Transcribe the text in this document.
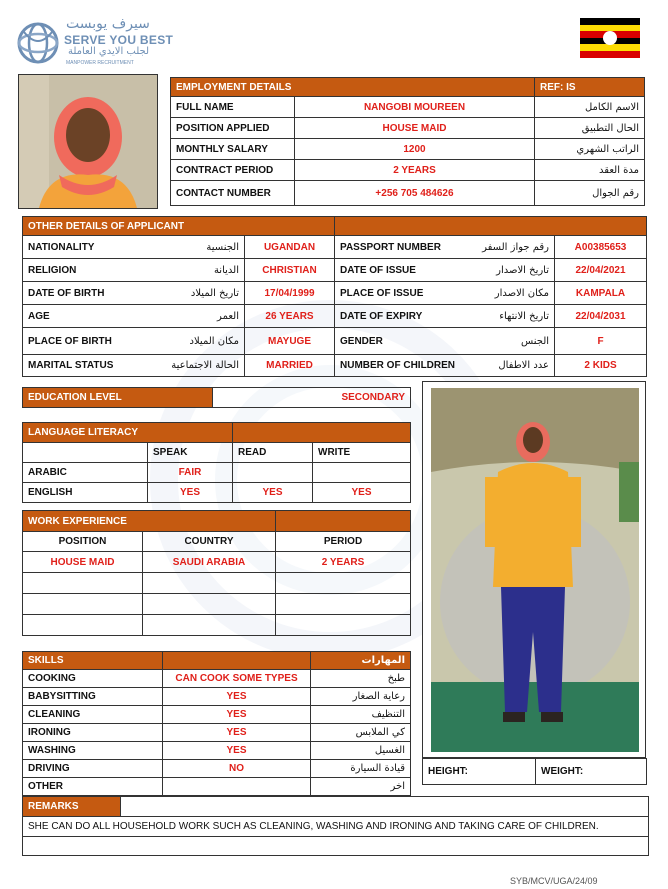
سيرف يوبست
SERVE YOU BEST
لجلب الايدي العاملة
MANPOWER RECRUITMENT
EMPLOYMENT DETAILS		REF: IS
FULL NAME	NANGOBI MOUREEN	الاسم الكامل
POSITION APPLIED	HOUSE MAID	الحال التطبيق
MONTHLY SALARY	1200	الراتب الشهري
CONTRACT PERIOD	2 YEARS	مدة العقد
CONTACT NUMBER	+256 705 484626	رقم الجوال
OTHER DETAILS OF APPLICANT			
NATIONALITY الجنسية	UGANDAN	PASSPORT NUMBER رقم جواز السفر	A00385653
RELIGION الديانة	CHRISTIAN	DATE OF ISSUE تاريخ الاصدار	22/04/2021
DATE OF BIRTH تاريخ الميلاد	17/04/1999	PLACE OF ISSUE مكان الاصدار	KAMPALA
AGE العمر	26 YEARS	DATE OF EXPIRY تاريخ الانتهاء	22/04/2031
PLACE OF BIRTH مكان الميلاد	MAYUGE	GENDER الجنس	F
MARITAL STATUS الحالة الاجتماعية	MARRIED	NUMBER OF CHILDREN عدد الاطفال	2 KIDS
EDUCATION LEVEL	SECONDARY
LANGUAGE LITERACY			
	SPEAK	READ	WRITE
ARABIC	FAIR		
ENGLISH	YES	YES	YES
WORK EXPERIENCE		
POSITION	COUNTRY	PERIOD
HOUSE MAID	SAUDI ARABIA	2 YEARS

SKILLS		المهارات
COOKING	CAN COOK SOME TYPES	طبخ
BABYSITTING	YES	رعاية الصغار
CLEANING	YES	التنظيف
IRONING	YES	كي الملابس
WASHING	YES	الغسيل
DRIVING	NO	قيادة السيارة
OTHER		اخر
HEIGHT:	WEIGHT:
REMARKS	
SHE CAN DO ALL HOUSEHOLD WORK SUCH AS CLEANING, WASHING AND IRONING AND TAKING CARE OF CHILDREN.

SYB/MCV/UGA/24/09
